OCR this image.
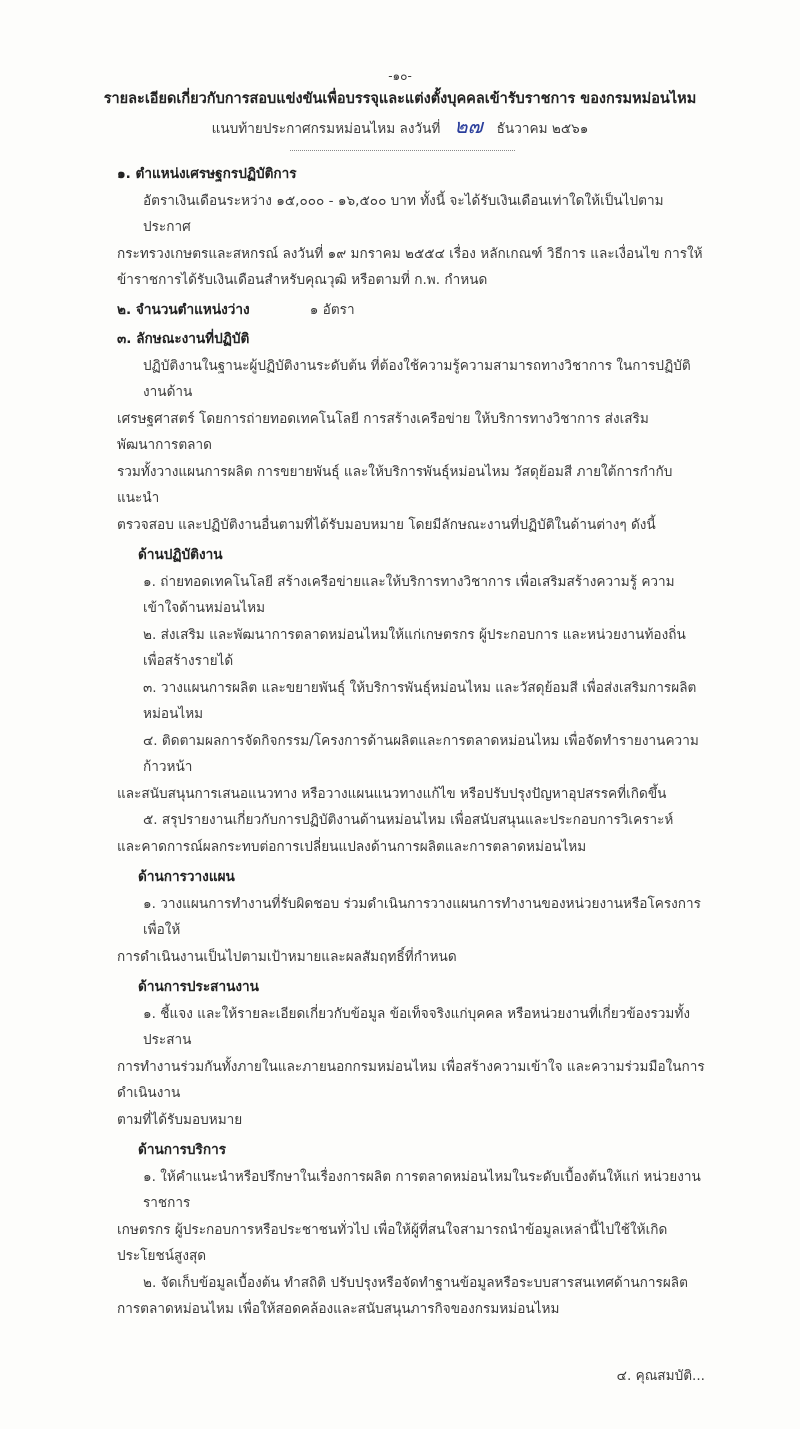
-๑๐-
รายละเอียดเกี่ยวกับการสอบแข่งขันเพื่อบรรจุและแต่งตั้งบุคคลเข้ารับราชการ ของกรมหม่อนไหม
แนบท้ายประกาศกรมหม่อนไหม ลงวันที่ ๒๗ ธันวาคม ๒๕๖๑
๑. ตำแหน่งเศรษฐกรปฏิบัติการ
อัตราเงินเดือนระหว่าง ๑๕,๐๐๐ - ๑๖,๕๐๐ บาท ทั้งนี้ จะได้รับเงินเดือนเท่าใดให้เป็นไปตามประกาศ
กระทรวงเกษตรและสหกรณ์ ลงวันที่ ๑๙ มกราคม ๒๕๕๔ เรื่อง หลักเกณฑ์ วิธีการ และเงื่อนไข การให้
ข้าราชการได้รับเงินเดือนสำหรับคุณวุฒิ หรือตามที่ ก.พ. กำหนด
๒. จำนวนตำแหน่งว่าง	๑ อัตรา
๓. ลักษณะงานที่ปฏิบัติ
ปฏิบัติงานในฐานะผู้ปฏิบัติงานระดับต้น ที่ต้องใช้ความรู้ความสามารถทางวิชาการ ในการปฏิบัติงานด้าน
เศรษฐศาสตร์ โดยการถ่ายทอดเทคโนโลยี การสร้างเครือข่าย ให้บริการทางวิชาการ ส่งเสริมพัฒนาการตลาด
รวมทั้งวางแผนการผลิต การขยายพันธุ์ และให้บริการพันธุ์หม่อนไหม วัสดุย้อมสี ภายใต้การกำกับ แนะนำ
ตรวจสอบ และปฏิบัติงานอื่นตามที่ได้รับมอบหมาย โดยมีลักษณะงานที่ปฏิบัติในด้านต่างๆ ดังนี้
ด้านปฏิบัติงาน
๑. ถ่ายทอดเทคโนโลยี สร้างเครือข่ายและให้บริการทางวิชาการ เพื่อเสริมสร้างความรู้ ความเข้าใจด้านหม่อนไหม
๒. ส่งเสริม และพัฒนาการตลาดหม่อนไหมให้แก่เกษตรกร ผู้ประกอบการ และหน่วยงานท้องถิ่น เพื่อสร้างรายได้
๓. วางแผนการผลิต และขยายพันธุ์ ให้บริการพันธุ์หม่อนไหม และวัสดุย้อมสี เพื่อส่งเสริมการผลิตหม่อนไหม
๔. ติดตามผลการจัดกิจกรรม/โครงการด้านผลิตและการตลาดหม่อนไหม เพื่อจัดทำรายงานความก้าวหน้า
และสนับสนุนการเสนอแนวทาง หรือวางแผนแนวทางแก้ไข หรือปรับปรุงปัญหาอุปสรรคที่เกิดขึ้น
๕. สรุปรายงานเกี่ยวกับการปฏิบัติงานด้านหม่อนไหม เพื่อสนับสนุนและประกอบการวิเคราะห์
และคาดการณ์ผลกระทบต่อการเปลี่ยนแปลงด้านการผลิตและการตลาดหม่อนไหม
ด้านการวางแผน
๑. วางแผนการทำงานที่รับผิดชอบ ร่วมดำเนินการวางแผนการทำงานของหน่วยงานหรือโครงการเพื่อให้
การดำเนินงานเป็นไปตามเป้าหมายและผลสัมฤทธิ์ที่กำหนด
ด้านการประสานงาน
๑. ชี้แจง และให้รายละเอียดเกี่ยวกับข้อมูล ข้อเท็จจริงแก่บุคคล หรือหน่วยงานที่เกี่ยวข้องรวมทั้งประสาน
การทำงานร่วมกันทั้งภายในและภายนอกกรมหม่อนไหม เพื่อสร้างความเข้าใจ และความร่วมมือในการดำเนินงาน
ตามที่ได้รับมอบหมาย
ด้านการบริการ
๑. ให้คำแนะนำหรือปรึกษาในเรื่องการผลิต การตลาดหม่อนไหมในระดับเบื้องต้นให้แก่ หน่วยงานราชการ
เกษตรกร ผู้ประกอบการหรือประชาชนทั่วไป เพื่อให้ผู้ที่สนใจสามารถนำข้อมูลเหล่านี้ไปใช้ให้เกิด
ประโยชน์สูงสุด
๒. จัดเก็บข้อมูลเบื้องต้น ทำสถิติ ปรับปรุงหรือจัดทำฐานข้อมูลหรือระบบสารสนเทศด้านการผลิต
การตลาดหม่อนไหม เพื่อให้สอดคล้องและสนับสนุนภารกิจของกรมหม่อนไหม
๔. คุณสมบัติ...
